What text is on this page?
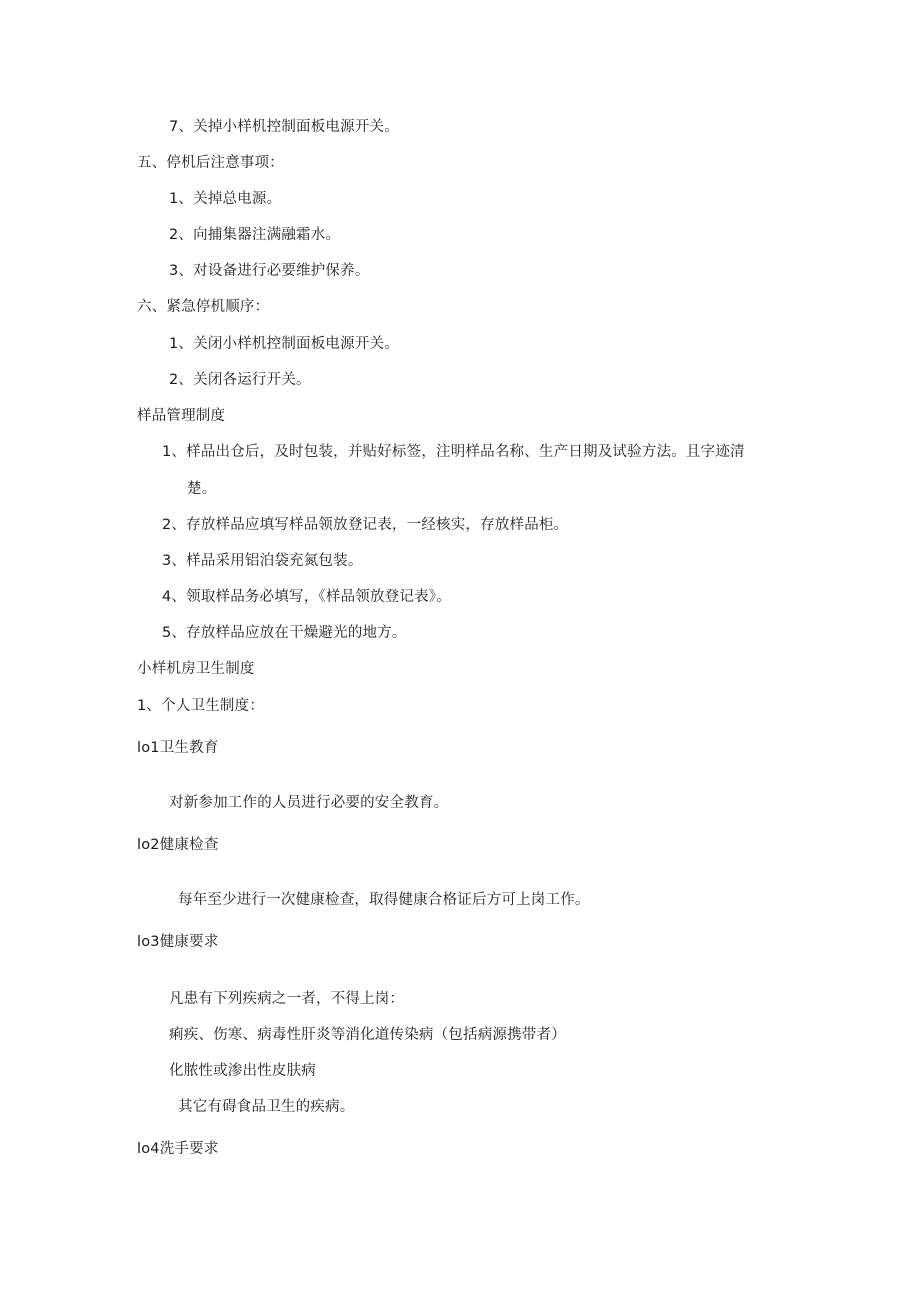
7、关掉小样机控制面板电源开关。
五、停机后注意事项：
1、关掉总电源。
2、向捕集器注满融霜水。
3、对设备进行必要维护保养。
六、紧急停机顺序：
1、关闭小样机控制面板电源开关。
2、关闭各运行开关。
样品管理制度
1、样品出仓后，及时包装，并贴好标签，注明样品名称、生产日期及试验方法。且字迹清
楚。
2、存放样品应填写样品领放登记表，一经核实，存放样品柜。
3、样品采用铝泊袋充氮包装。
4、领取样品务必填写，《样品领放登记表》。
5、存放样品应放在干燥避光的地方。
小样机房卫生制度
1、个人卫生制度：
lo1卫生教育
对新参加工作的人员进行必要的安全教育。
lo2健康检查
每年至少进行一次健康检查，取得健康合格证后方可上岗工作。
lo3健康要求
凡患有下列疾病之一者，不得上岗：
痢疾、伤寒、病毒性肝炎等消化道传染病（包括病源携带者）
化脓性或渗出性皮肤病
其它有碍食品卫生的疾病。
lo4洗手要求
